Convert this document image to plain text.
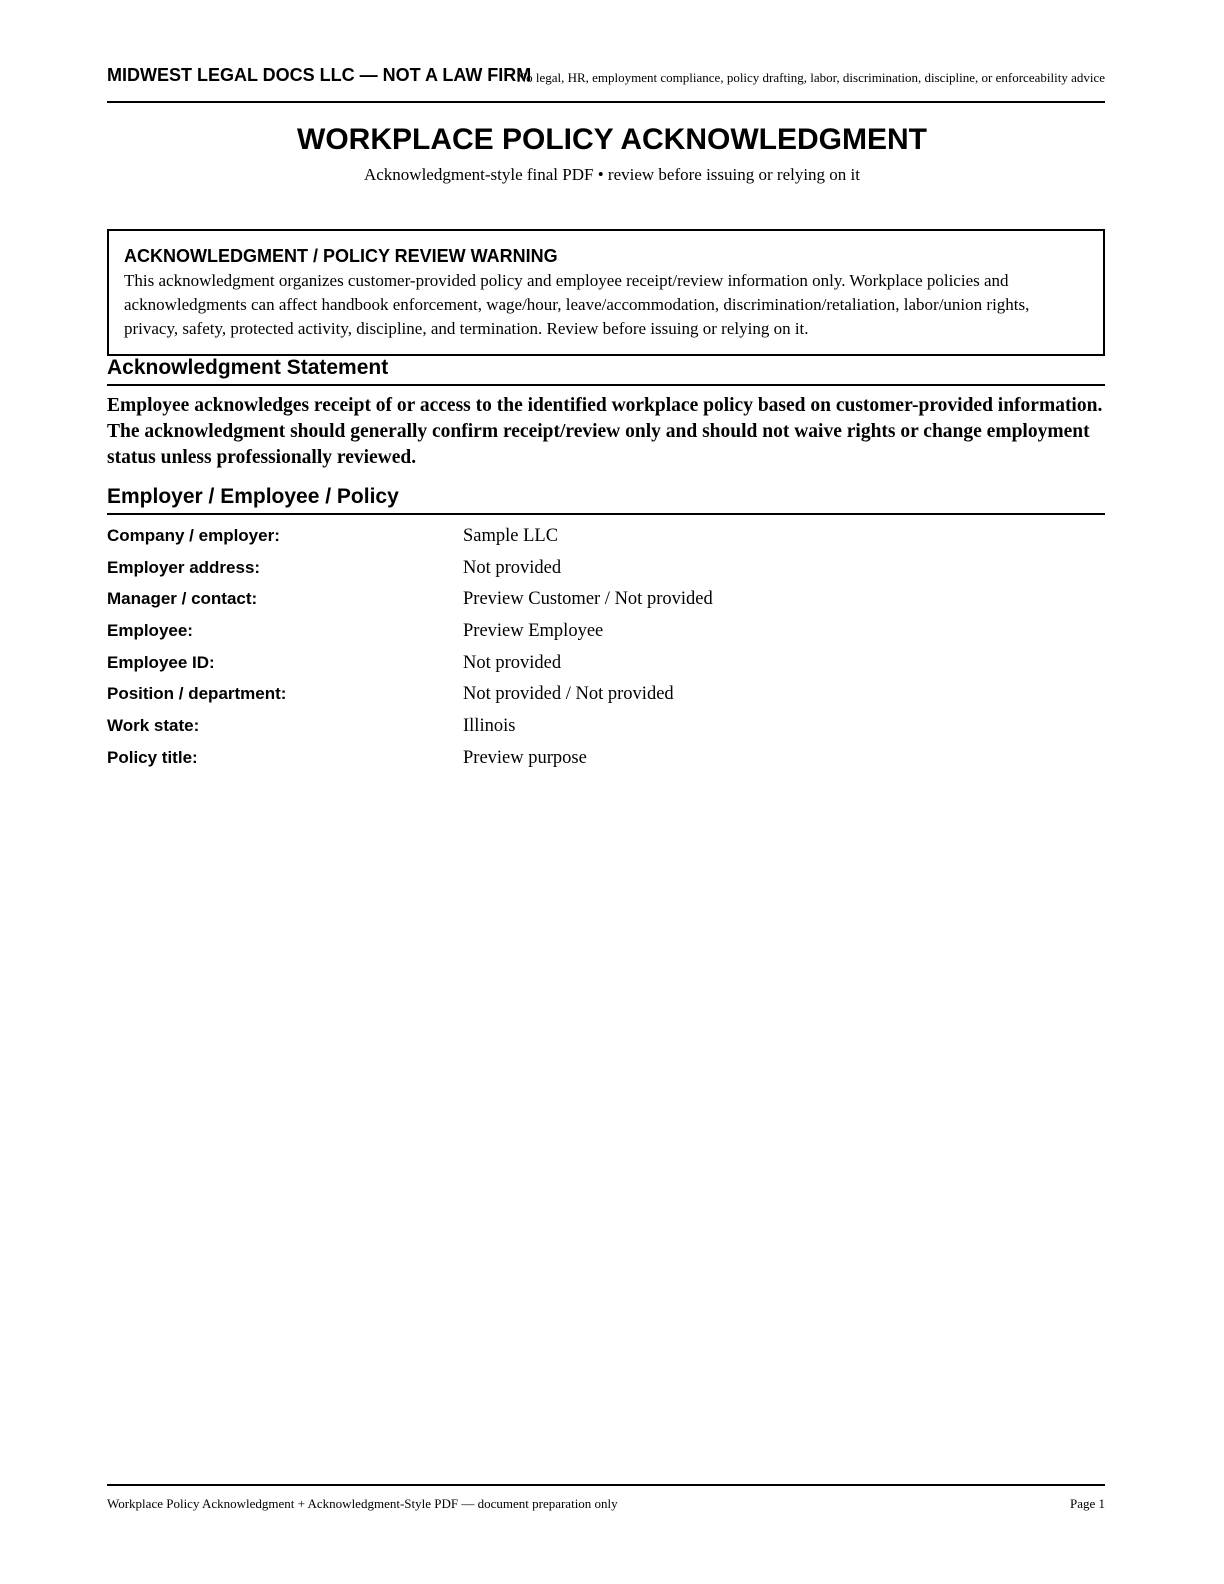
MIDWEST LEGAL DOCS LLC — NOT A LAW FIRM
No legal, HR, employment compliance, policy drafting, labor, discrimination, discipline, or enforceability advice
WORKPLACE POLICY ACKNOWLEDGMENT
Acknowledgment-style final PDF • review before issuing or relying on it
ACKNOWLEDGMENT / POLICY REVIEW WARNING

This acknowledgment organizes customer-provided policy and employee receipt/review information only. Workplace policies and acknowledgments can affect handbook enforcement, wage/hour, leave/accommodation, discrimination/retaliation, labor/union rights, privacy, safety, protected activity, discipline, and termination. Review before issuing or relying on it.

Acknowledgment Statement
Employee acknowledges receipt of or access to the identified workplace policy based on customer-provided information. The acknowledgment should generally confirm receipt/review only and should not waive rights or change employment status unless professionally reviewed.
Employer / Employee / Policy
Company / employer:	Sample LLC
Employer address:	Not provided
Manager / contact:	Preview Customer / Not provided
Employee:	Preview Employee
Employee ID:	Not provided
Position / department:	Not provided / Not provided
Work state:	Illinois
Policy title:	Preview purpose
Workplace Policy Acknowledgment + Acknowledgment-Style PDF — document preparation only	Page 1
